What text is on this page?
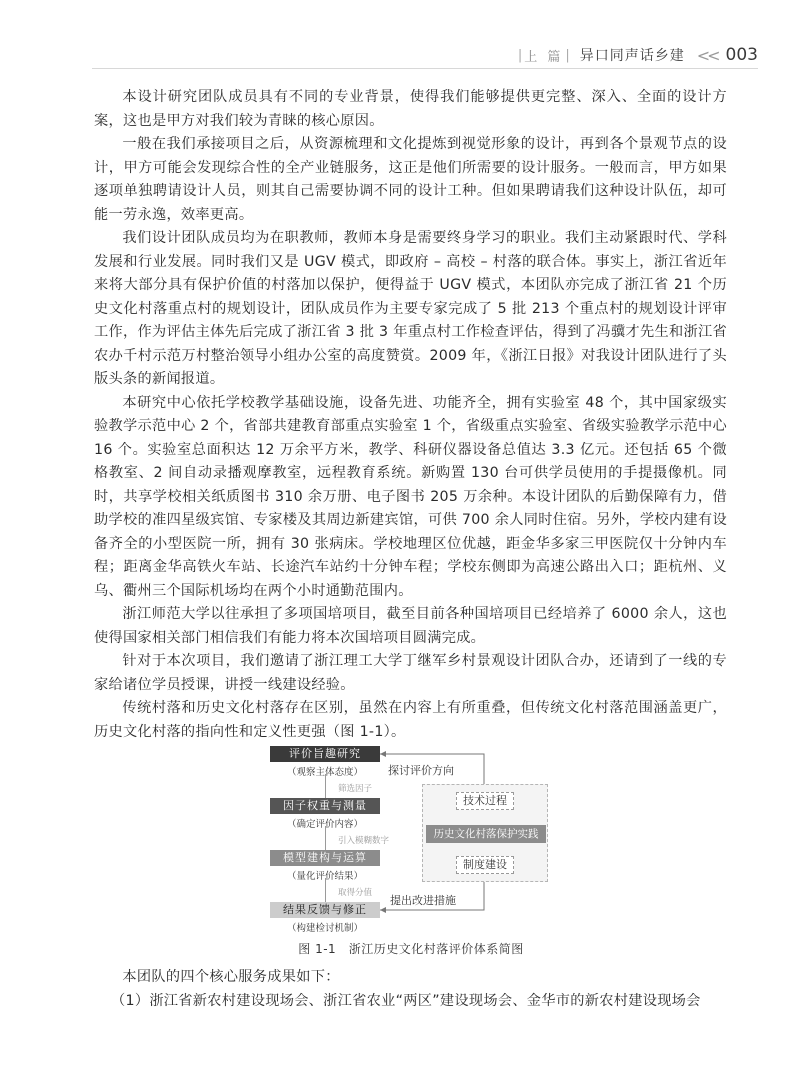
| 上 篇 | 异口同声话乡建 << 003

本设计研究团队成员具有不同的专业背景，使得我们能够提供更完整、深入、全面的设计方案，这也是甲方对我们较为青睐的核心原因。

一般在我们承接项目之后，从资源梳理和文化提炼到视觉形象的设计，再到各个景观节点的设计，甲方可能会发现综合性的全产业链服务，这正是他们所需要的设计服务。一般而言，甲方如果逐项单独聘请设计人员，则其自己需要协调不同的设计工种。但如果聘请我们这种设计队伍，却可能一劳永逸，效率更高。

我们设计团队成员均为在职教师，教师本身是需要终身学习的职业。我们主动紧跟时代、学科发展和行业发展。同时我们又是 UGV 模式，即政府 – 高校 – 村落的联合体。事实上，浙江省近年来将大部分具有保护价值的村落加以保护，便得益于 UGV 模式，本团队亦完成了浙江省 21 个历史文化村落重点村的规划设计，团队成员作为主要专家完成了 5 批 213 个重点村的规划设计评审工作，作为评估主体先后完成了浙江省 3 批 3 年重点村工作检查评估，得到了冯骥才先生和浙江省农办千村示范万村整治领导小组办公室的高度赞赏。2009 年，《浙江日报》对我设计团队进行了头版头条的新闻报道。

本研究中心依托学校教学基础设施，设备先进、功能齐全，拥有实验室 48 个，其中国家级实验教学示范中心 2 个，省部共建教育部重点实验室 1 个，省级重点实验室、省级实验教学示范中心 16 个。实验室总面积达 12 万余平方米，教学、科研仪器设备总值达 3.3 亿元。还包括 65 个微格教室、2 间自动录播观摩教室，远程教育系统。新购置 130 台可供学员使用的手提摄像机。同时，共享学校相关纸质图书 310 余万册、电子图书 205 万余种。本设计团队的后勤保障有力，借助学校的准四星级宾馆、专家楼及其周边新建宾馆，可供 700 余人同时住宿。另外，学校内建有设备齐全的小型医院一所，拥有 30 张病床。学校地理区位优越，距金华多家三甲医院仅十分钟内车程；距离金华高铁火车站、长途汽车站约十分钟车程；学校东侧即为高速公路出入口；距杭州、义乌、衢州三个国际机场均在两个小时通勤范围内。

浙江师范大学以往承担了多项国培项目，截至目前各种国培项目已经培养了 6000 余人，这也使得国家相关部门相信我们有能力将本次国培项目圆满完成。

针对于本次项目，我们邀请了浙江理工大学丁继军乡村景观设计团队合办，还请到了一线的专家给诸位学员授课，讲授一线建设经验。

传统村落和历史文化村落存在区别，虽然在内容上有所重叠，但传统文化村落范围涵盖更广，历史文化村落的指向性和定义性更强（图 1-1）。

评价旨趣研究
（观察主体态度）
筛选因子
因子权重与测量
（确定评价内容）
引入模糊数字
模型建构与运算
（量化评价结果）
取得分值
结果反馈与修正
（构建检讨机制）
探讨评价方向
提出改进措施
技术过程
历史文化村落保护实践
制度建设
图 1-1　浙江历史文化村落评价体系简图

本团队的四个核心服务成果如下：

（1）浙江省新农村建设现场会、浙江省农业“两区”建设现场会、金华市的新农村建设现场会
